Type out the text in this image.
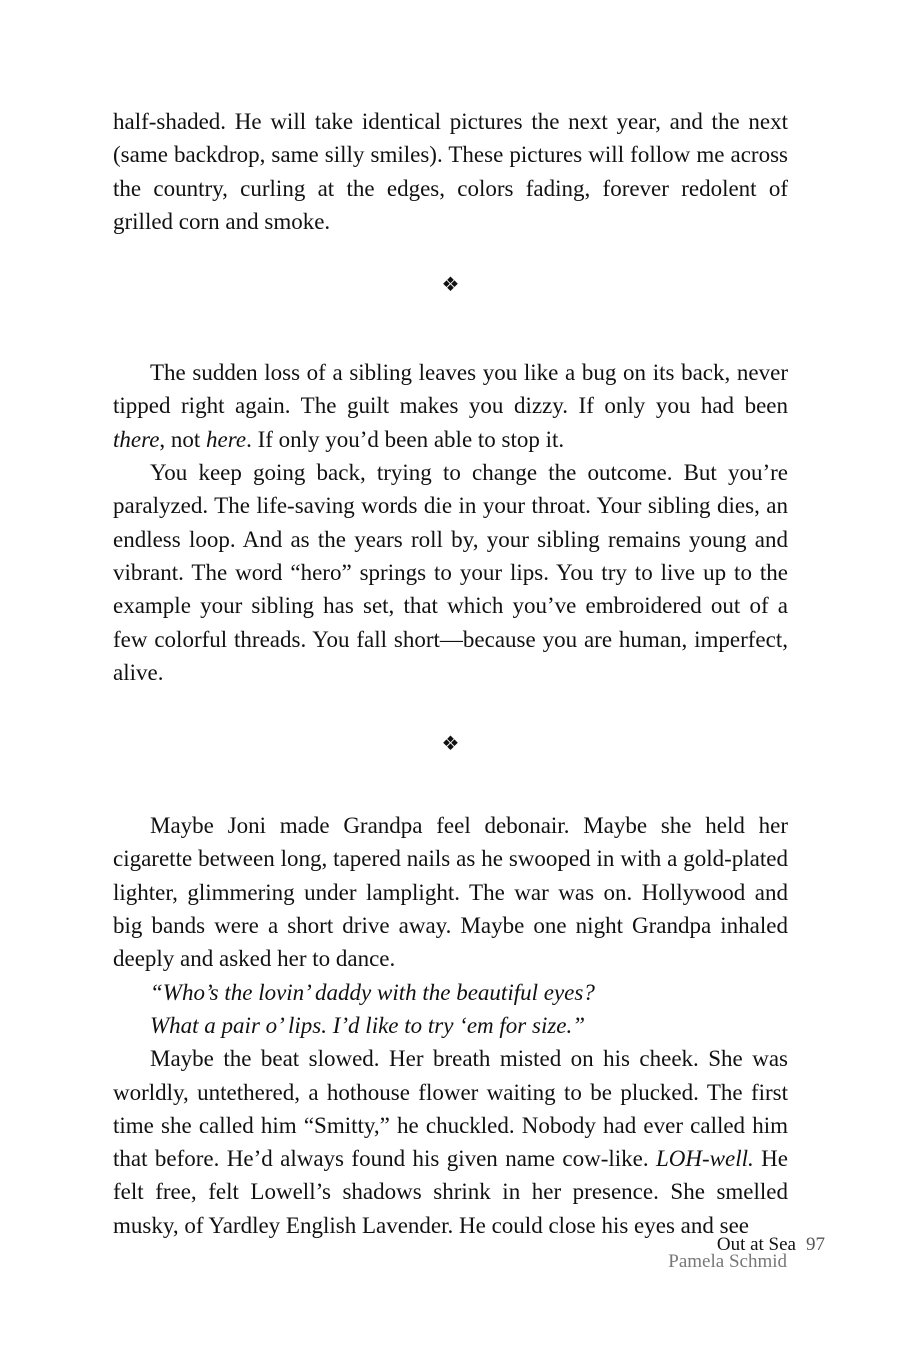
half-shaded. He will take identical pictures the next year, and the next (same backdrop, same silly smiles). These pictures will follow me across the country, curling at the edges, colors fading, forever redolent of grilled corn and smoke.

❖

The sudden loss of a sibling leaves you like a bug on its back, never tipped right again. The guilt makes you dizzy. If only you had been there, not here. If only you’d been able to stop it.

You keep going back, trying to change the outcome. But you’re paralyzed. The life-saving words die in your throat. Your sibling dies, an endless loop. And as the years roll by, your sibling remains young and vibrant. The word “hero” springs to your lips. You try to live up to the example your sibling has set, that which you’ve embroidered out of a few colorful threads. You fall short—because you are human, imperfect, alive.

❖

Maybe Joni made Grandpa feel debonair. Maybe she held her cigarette between long, tapered nails as he swooped in with a gold-plated lighter, glimmering under lamplight. The war was on. Hollywood and big bands were a short drive away. Maybe one night Grandpa inhaled deeply and asked her to dance.

“Who’s the lovin’ daddy with the beautiful eyes?

What a pair o’ lips. I’d like to try ‘em for size.”

Maybe the beat slowed. Her breath misted on his cheek. She was worldly, untethered, a hothouse flower waiting to be plucked. The first time she called him “Smitty,” he chuckled. Nobody had ever called him that before. He’d always found his given name cow-like. LOH-well. He felt free, felt Lowell’s shadows shrink in her presence. She smelled musky, of Yardley English Lavender. He could close his eyes and see

Out at Sea 97
Pamela Schmid
